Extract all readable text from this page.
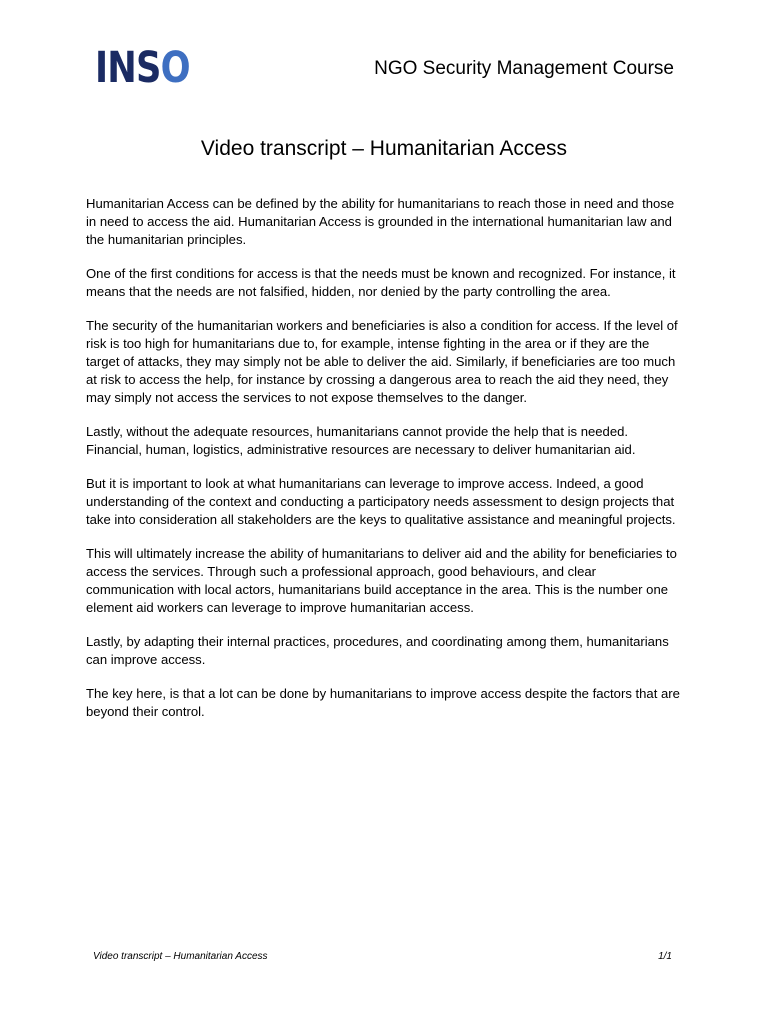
INS O	NGO Security Management Course
Video transcript – Humanitarian Access

Humanitarian Access can be defined by the ability for humanitarians to reach those in need and those in need to access the aid. Humanitarian Access is grounded in the international humanitarian law and the humanitarian principles.

One of the first conditions for access is that the needs must be known and recognized. For instance, it means that the needs are not falsified, hidden, nor denied by the party controlling the area.

The security of the humanitarian workers and beneficiaries is also a condition for access. If the level of risk is too high for humanitarians due to, for example, intense fighting in the area or if they are the target of attacks, they may simply not be able to deliver the aid. Similarly, if beneficiaries are too much at risk to access the help, for instance by crossing a dangerous area to reach the aid they need, they may simply not access the services to not expose themselves to the danger.

Lastly, without the adequate resources, humanitarians cannot provide the help that is needed. Financial, human, logistics, administrative resources are necessary to deliver humanitarian aid.

But it is important to look at what humanitarians can leverage to improve access. Indeed, a good understanding of the context and conducting a participatory needs assessment to design projects that take into consideration all stakeholders are the keys to qualitative assistance and meaningful projects.

This will ultimately increase the ability of humanitarians to deliver aid and the ability for beneficiaries to access the services. Through such a professional approach, good behaviours, and clear communication with local actors, humanitarians build acceptance in the area. This is the number one element aid workers can leverage to improve humanitarian access.

Lastly, by adapting their internal practices, procedures, and coordinating among them, humanitarians can improve access.

The key here, is that a lot can be done by humanitarians to improve access despite the factors that are beyond their control.

Video transcript – Humanitarian Access	1/1
